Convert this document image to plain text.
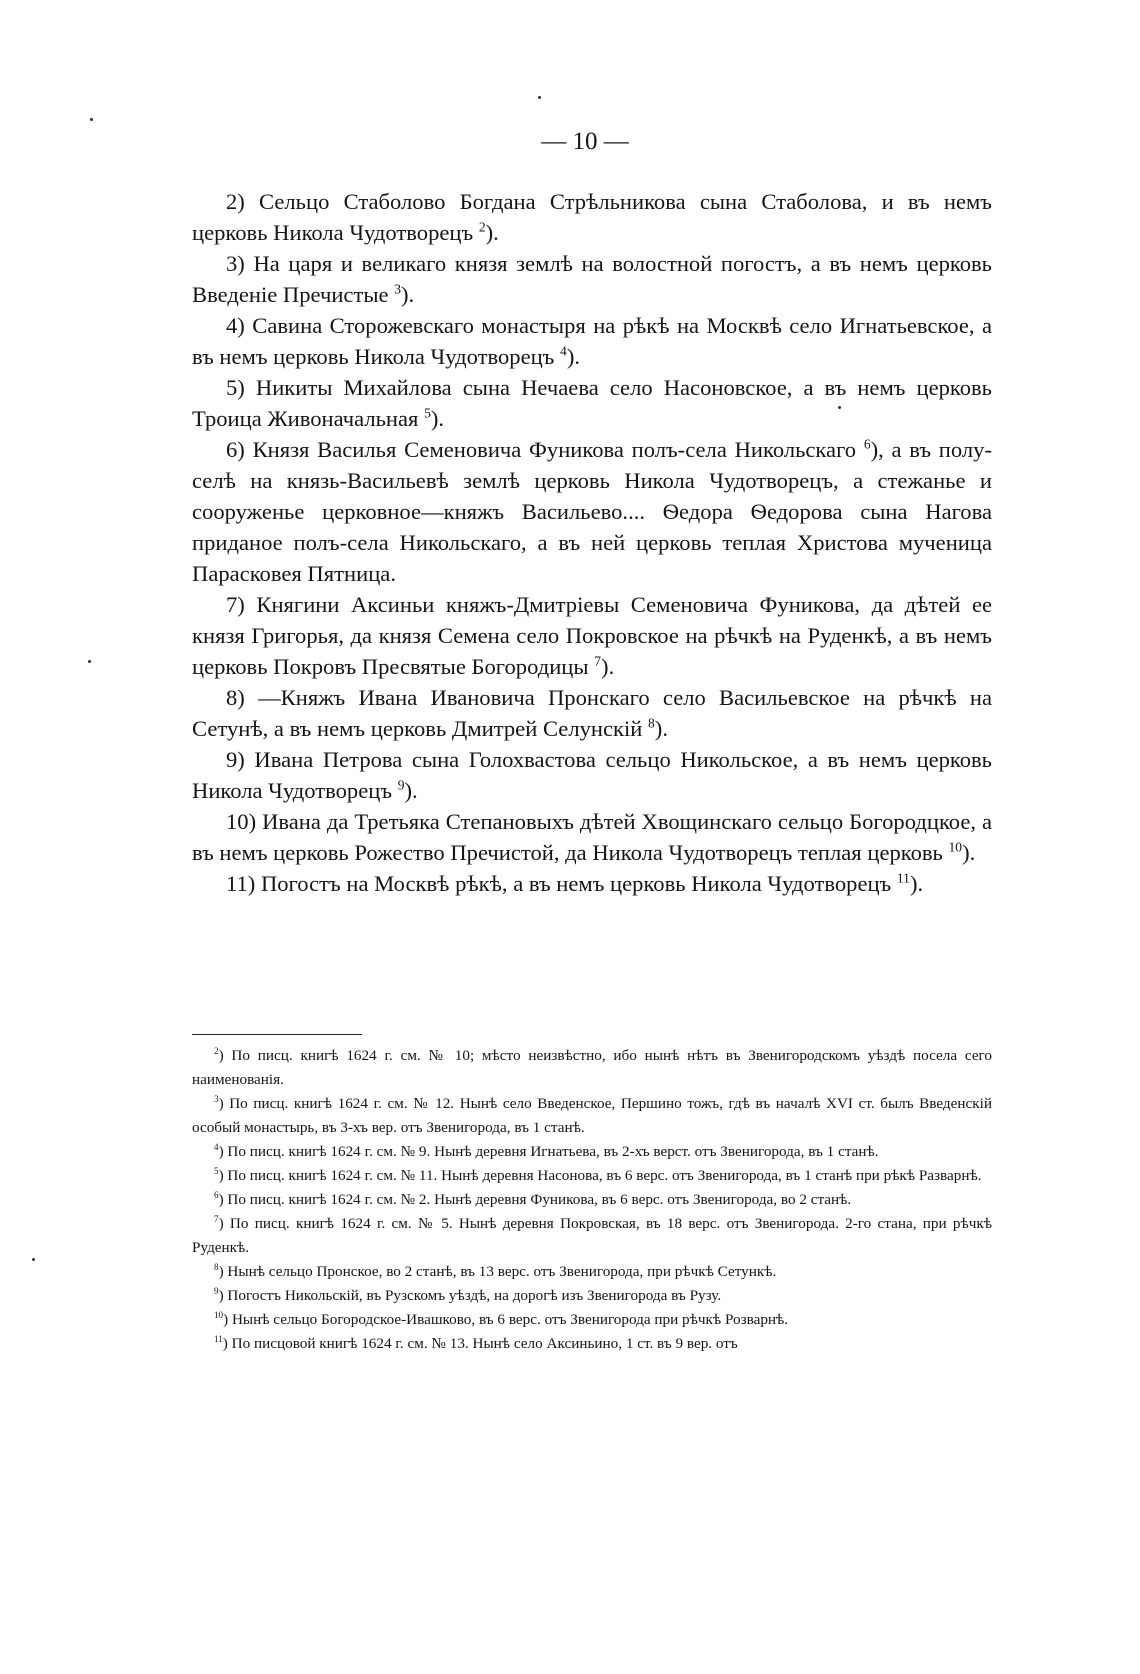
— 10 —

2) Сельцо Стаболово Богдана Стрѣльникова сына Стаболова, и въ немъ церковь Никола Чудотворецъ $^2$).

3) На царя и великаго князя землѣ на волостной погостъ, а въ немъ церковь Введеніе Пречистые $^3$).

4) Савина Сторожевскаго монастыря на рѣкѣ на Москвѣ село Игнатьевское, а въ немъ церковь Никола Чудотворецъ $^4$).

5) Никиты Михайлова сына Нечаева село Насоновское, а въ немъ церковь Троица Живоначальная $^5$).

6) Князя Василья Семеновича Фуникова полъ-села Никольскаго $^6$), а въ полу-селѣ на князь-Васильевѣ землѣ церковь Никола Чудотворецъ, а стежанье и сооруженье церковное—княжъ Васильево.... Ѳедора Ѳедорова сына Нагова приданое полъ-села Никольскаго, а въ ней церковь теплая Христова мученица Парасковея Пятница.

7) Княгини Аксиньи княжъ-Дмитріевы Семеновича Фуникова, да дѣтей ее князя Григорья, да князя Семена село Покровское на рѣчкѣ на Руденкѣ, а въ немъ церковь Покровъ Пресвятые Богородицы $^7$).

8) —Княжъ Ивана Ивановича Пронскаго село Васильевское на рѣчкѣ на Сетунѣ, а въ немъ церковь Дмитрей Селунскій $^8$).

9) Ивана Петрова сына Голохвастова сельцо Никольское, а въ немъ церковь Никола Чудотворецъ $^9$).

10) Ивана да Третьяка Степановыхъ дѣтей Хвощинскаго сельцо Богородцкое, а въ немъ церковь Рожество Пречистой, да Никола Чудотворецъ теплая церковь $^{10}$).

11) Погостъ на Москвѣ рѣкѣ, а въ немъ церковь Никола Чудотворецъ $^{11}$).

$^2$) По писц. книгѣ 1624 г. см. № 10; мѣсто неизвѣстно, ибо нынѣ нѣтъ въ Звенигородскомъ уѣздѣ посела сего наименованія.

$^3$) По писц. книгѣ 1624 г. см. № 12. Нынѣ село Введенское, Першино тожъ, гдѣ въ началѣ XVI ст. былъ Введенскій особый монастырь, въ 3-хъ вер. отъ Звенигорода, въ 1 станѣ.

$^4$) По писц. книгѣ 1624 г. см. № 9. Нынѣ деревня Игнатьева, въ 2-хъ верст. отъ Звенигорода, въ 1 станѣ.

$^5$) По писц. книгѣ 1624 г. см. № 11. Нынѣ деревня Насонова, въ 6 верс. отъ Звенигорода, въ 1 станѣ при рѣкѣ Разварнѣ.

$^6$) По писц. книгѣ 1624 г. см. № 2. Нынѣ деревня Фуникова, въ 6 верс. отъ Звенигорода, во 2 станѣ.

$^7$) По писц. книгѣ 1624 г. см. № 5. Нынѣ деревня Покровская, въ 18 верс. отъ Звенигорода. 2-го стана, при рѣчкѣ Руденкѣ.

$^8$) Нынѣ сельцо Пронское, во 2 станѣ, въ 13 верс. отъ Звенигорода, при рѣчкѣ Сетункѣ.

$^9$) Погостъ Никольскій, въ Рузскомъ уѣздѣ, на дорогѣ изъ Звенигорода въ Рузу.

$^{10}$) Нынѣ сельцо Богородское-Ивашково, въ 6 верс. отъ Звенигорода при рѣчкѣ Розварнѣ.

$^{11}$) По писцовой книгѣ 1624 г. см. № 13. Нынѣ село Аксиньино, 1 ст. въ 9 вер. отъ
